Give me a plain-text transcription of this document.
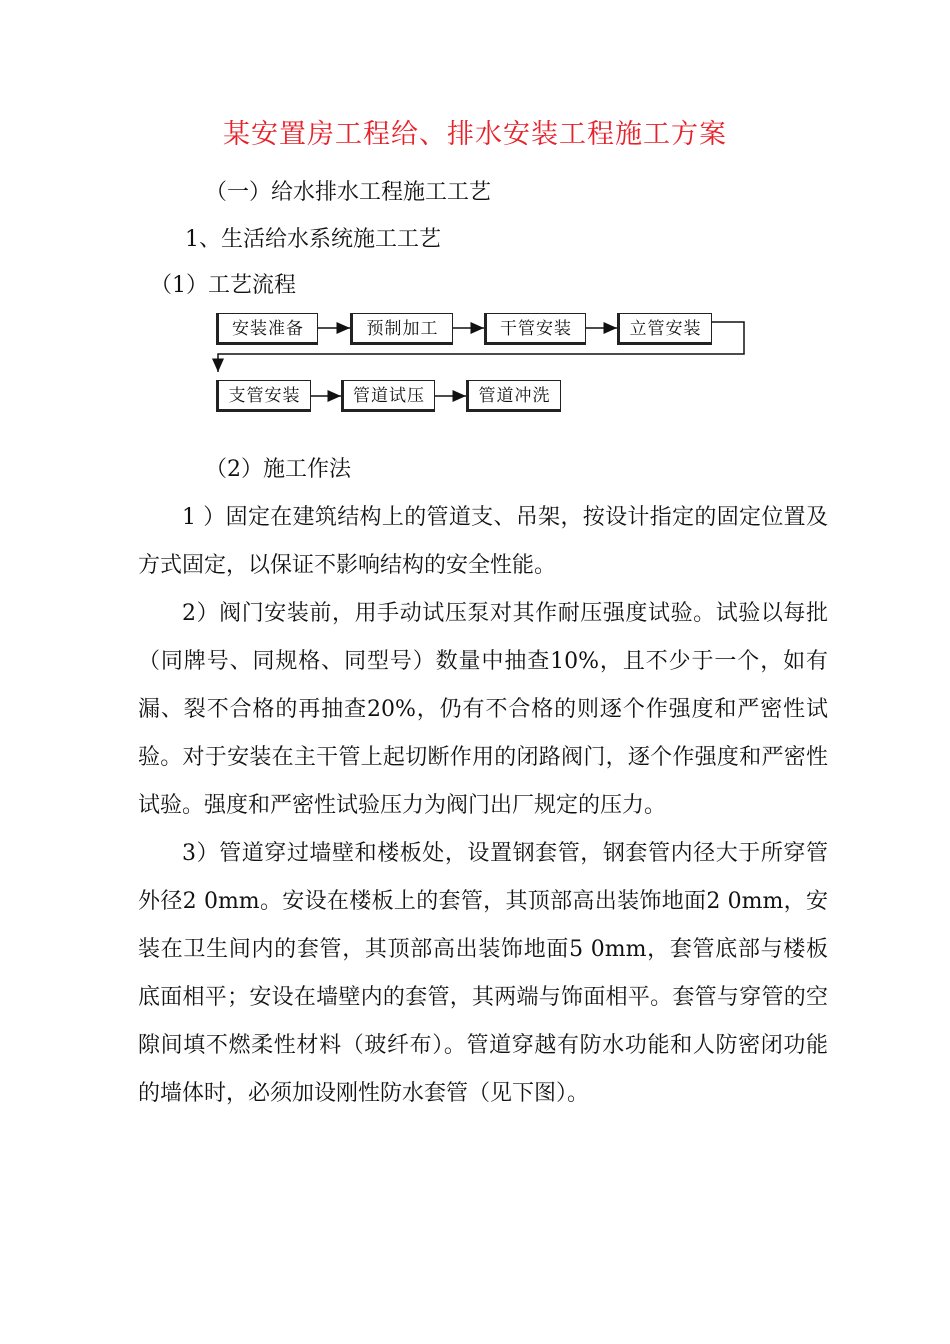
某安置房工程给、排水安装工程施工方案
（一）给水排水工程施工工艺
1、生活给水系统施工工艺
（1）工艺流程
安装准备	预制加工	干管安装	立管安装
支管安装	管道试压	管道冲洗
（2）施工作法

1 ）固定在建筑结构上的管道支、吊架，按设计指定的固定位置及方式固定，以保证不影响结构的安全性能。

2）阀门安装前，用手动试压泵对其作耐压强度试验。试验以每批（同牌号、同规格、同型号）数量中抽查10%，且不少于一个，如有漏、裂不合格的再抽查20%，仍有不合格的则逐个作强度和严密性试验。对于安装在主干管上起切断作用的闭路阀门，逐个作强度和严密性试验。强度和严密性试验压力为阀门出厂规定的压力。

3）管道穿过墙壁和楼板处，设置钢套管，钢套管内径大于所穿管外径2 0mm。安设在楼板上的套管，其顶部高出装饰地面2 0mm，安装在卫生间内的套管，其顶部高出装饰地面5 0mm，套管底部与楼板底面相平；安设在墙壁内的套管，其两端与饰面相平。套管与穿管的空隙间填不燃柔性材料（玻纤布）。管道穿越有防水功能和人防密闭功能的墙体时，必须加设刚性防水套管（见下图）。
